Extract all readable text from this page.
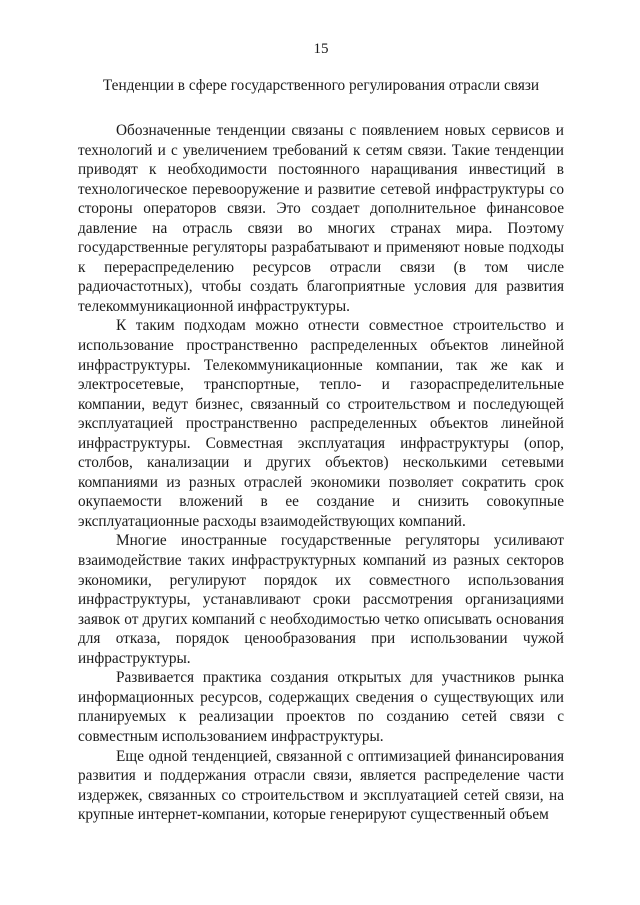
15
Тенденции в сфере государственного регулирования отрасли связи

Обозначенные тенденции связаны с появлением новых сервисов и технологий и с увеличением требований к сетям связи. Такие тенденции приводят к необходимости постоянного наращивания инвестиций в технологическое перевооружение и развитие сетевой инфраструктуры со стороны операторов связи. Это создает дополнительное финансовое давление на отрасль связи во многих странах мира. Поэтому государственные регуляторы разрабатывают и применяют новые подходы к перераспределению ресурсов отрасли связи (в том числе радиочастотных), чтобы создать благоприятные условия для развития телекоммуникационной инфраструктуры.

К таким подходам можно отнести совместное строительство и использование пространственно распределенных объектов линейной инфраструктуры. Телекоммуникационные компании, так же как и электросетевые, транспортные, тепло- и газораспределительные компании, ведут бизнес, связанный со строительством и последующей эксплуатацией пространственно распределенных объектов линейной инфраструктуры. Совместная эксплуатация инфраструктуры (опор, столбов, канализации и других объектов) несколькими сетевыми компаниями из разных отраслей экономики позволяет сократить срок окупаемости вложений в ее создание и снизить совокупные эксплуатационные расходы взаимодействующих компаний.

Многие иностранные государственные регуляторы усиливают взаимодействие таких инфраструктурных компаний из разных секторов экономики, регулируют порядок их совместного использования инфраструктуры, устанавливают сроки рассмотрения организациями заявок от других компаний с необходимостью четко описывать основания для отказа, порядок ценообразования при использовании чужой инфраструктуры.

Развивается практика создания открытых для участников рынка информационных ресурсов, содержащих сведения о существующих или планируемых к реализации проектов по созданию сетей связи с совместным использованием инфраструктуры.

Еще одной тенденцией, связанной с оптимизацией финансирования развития и поддержания отрасли связи, является распределение части издержек, связанных со строительством и эксплуатацией сетей связи, на крупные интернет-компании, которые генерируют существенный объем
